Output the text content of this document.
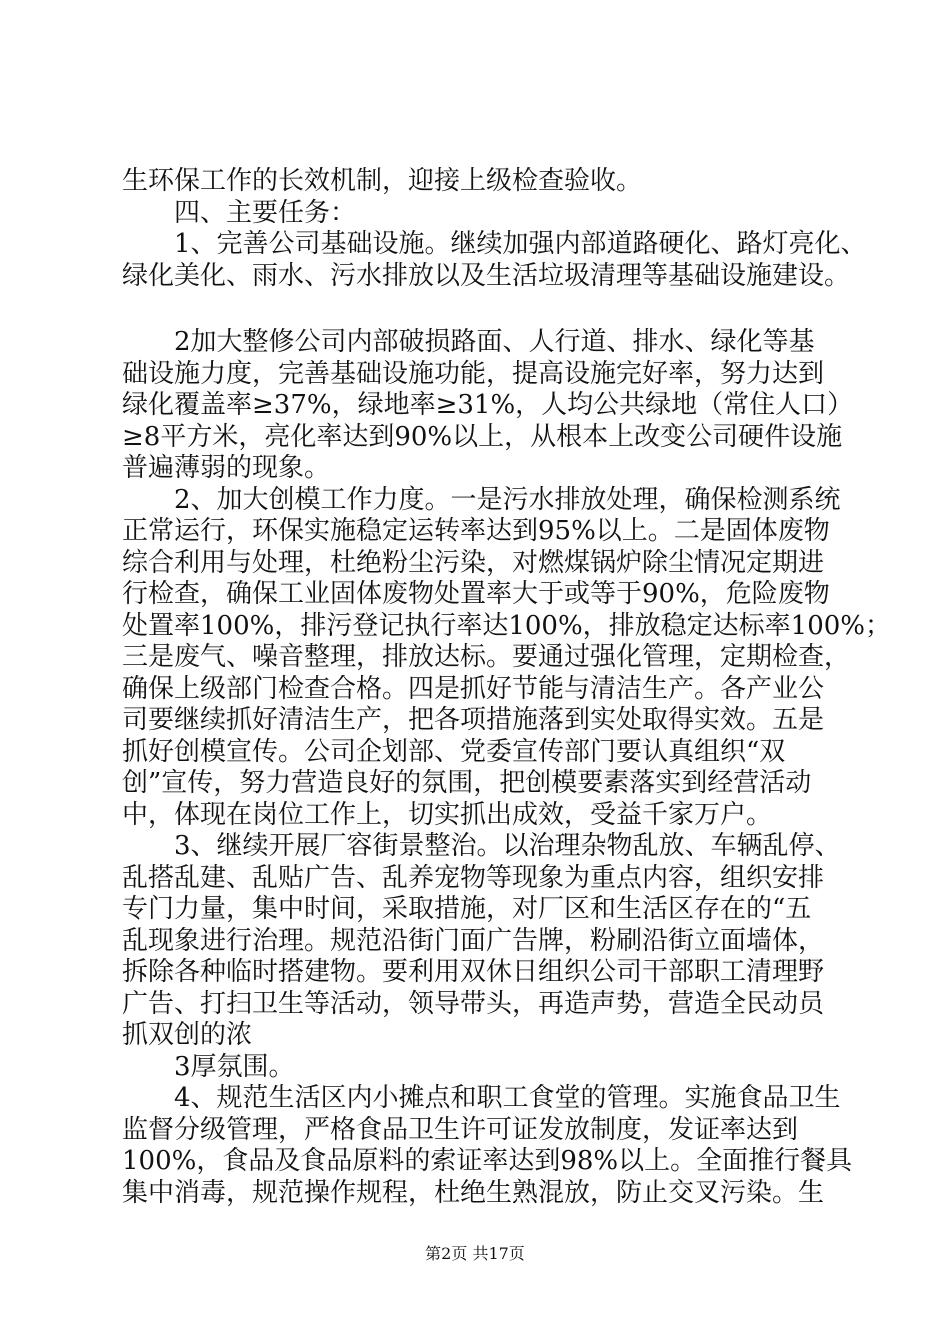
生环保工作的长效机制，迎接上级检查验收。
四、主要任务：
1、完善公司基础设施。继续加强内部道路硬化、路灯亮化、
绿化美化、雨水、污水排放以及生活垃圾清理等基础设施建设。
2加大整修公司内部破损路面、人行道、排水、绿化等基
础设施力度，完善基础设施功能，提高设施完好率，努力达到
绿化覆盖率≥37%，绿地率≥31%，人均公共绿地（常住人口）
≥8平方米，亮化率达到90%以上，从根本上改变公司硬件设施
普遍薄弱的现象。
2、加大创模工作力度。一是污水排放处理，确保检测系统
正常运行，环保实施稳定运转率达到95%以上。二是固体废物
综合利用与处理，杜绝粉尘污染，对燃煤锅炉除尘情况定期进
行检查，确保工业固体废物处置率大于或等于90%，危险废物
处置率100%，排污登记执行率达100%，排放稳定达标率100%；
三是废气、噪音整理，排放达标。要通过强化管理，定期检查，
确保上级部门检查合格。四是抓好节能与清洁生产。各产业公
司要继续抓好清洁生产，把各项措施落到实处取得实效。五是
抓好创模宣传。公司企划部、党委宣传部门要认真组织“双
创”宣传，努力营造良好的氛围，把创模要素落实到经营活动
中，体现在岗位工作上，切实抓出成效，受益千家万户。
3、继续开展厂容街景整治。以治理杂物乱放、车辆乱停、
乱搭乱建、乱贴广告、乱养宠物等现象为重点内容，组织安排
专门力量，集中时间，采取措施，对厂区和生活区存在的“五
乱现象进行治理。规范沿街门面广告牌，粉刷沿街立面墙体，
拆除各种临时搭建物。要利用双休日组织公司干部职工清理野
广告、打扫卫生等活动，领导带头，再造声势，营造全民动员
抓双创的浓
3厚氛围。
4、规范生活区内小摊点和职工食堂的管理。实施食品卫生
监督分级管理，严格食品卫生许可证发放制度，发证率达到
100%，食品及食品原料的索证率达到98%以上。全面推行餐具
集中消毒，规范操作规程，杜绝生熟混放，防止交叉污染。生
第2页 共17页
